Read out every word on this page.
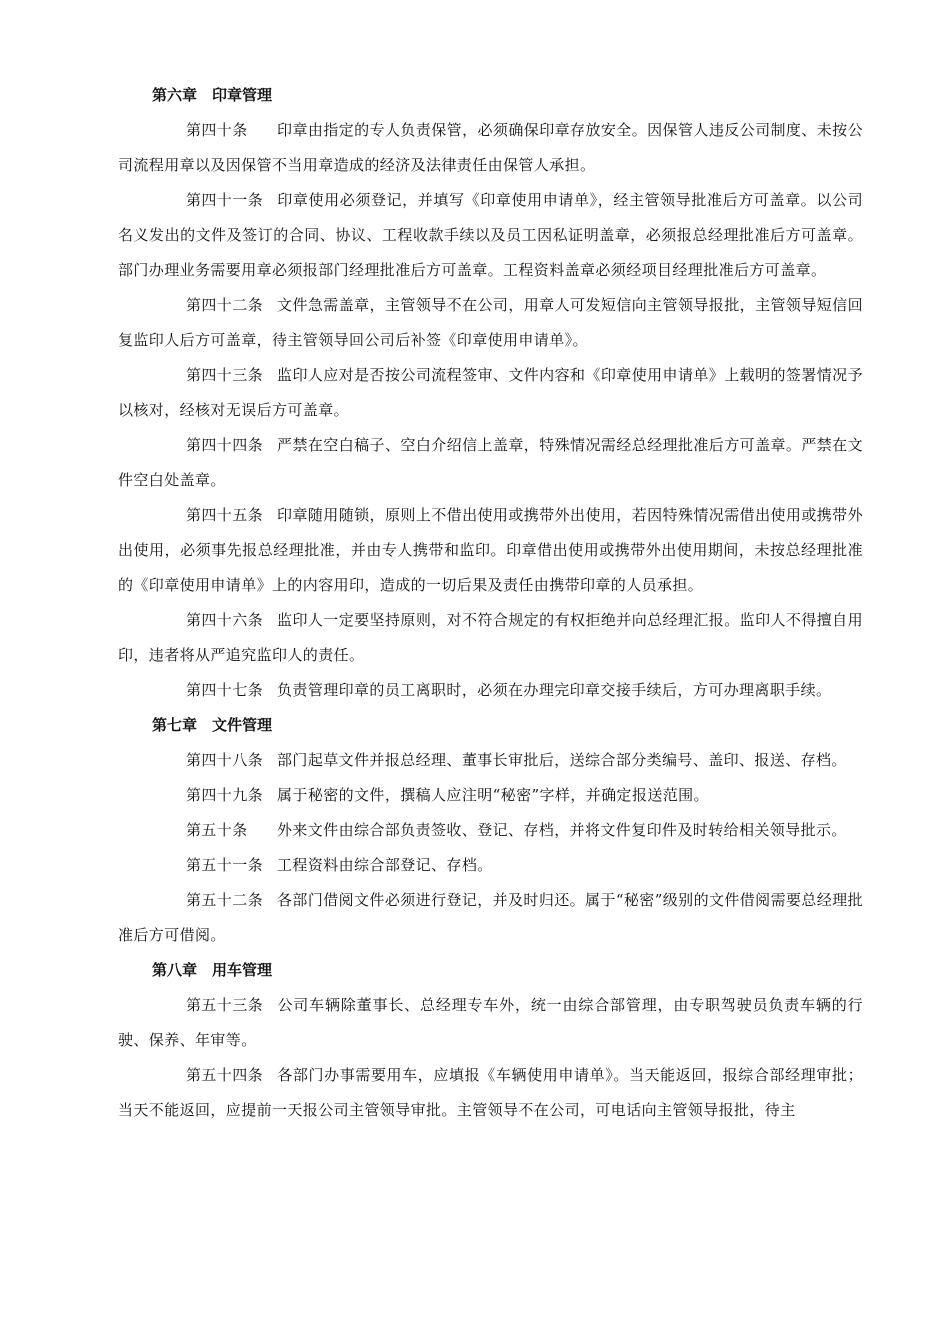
第六章　印章管理

第四十条　印章由指定的专人负责保管，必须确保印章存放安全。因保管人违反公司制度、未按公司流程用章以及因保管不当用章造成的经济及法律责任由保管人承担。

第四十一条 印章使用必须登记，并填写《印章使用申请单》，经主管领导批准后方可盖章。以公司名义发出的文件及签订的合同、协议、工程收款手续以及员工因私证明盖章，必须报总经理批准后方可盖章。部门办理业务需要用章必须报部门经理批准后方可盖章。工程资料盖章必须经项目经理批准后方可盖章。

第四十二条 文件急需盖章，主管领导不在公司，用章人可发短信向主管领导报批，主管领导短信回复监印人后方可盖章，待主管领导回公司后补签《印章使用申请单》。

第四十三条 监印人应对是否按公司流程签审、文件内容和《印章使用申请单》上载明的签署情况予以核对，经核对无误后方可盖章。

第四十四条 严禁在空白稿子、空白介绍信上盖章，特殊情况需经总经理批准后方可盖章。严禁在文件空白处盖章。

第四十五条 印章随用随锁，原则上不借出使用或携带外出使用，若因特殊情况需借出使用或携带外出使用，必须事先报总经理批准，并由专人携带和监印。印章借出使用或携带外出使用期间，未按总经理批准的《印章使用申请单》上的内容用印，造成的一切后果及责任由携带印章的人员承担。

第四十六条 监印人一定要坚持原则，对不符合规定的有权拒绝并向总经理汇报。监印人不得擅自用印，违者将从严追究监印人的责任。

第四十七条 负责管理印章的员工离职时，必须在办理完印章交接手续后，方可办理离职手续。

第七章　文件管理

第四十八条 部门起草文件并报总经理、董事长审批后，送综合部分类编号、盖印、报送、存档。

第四十九条 属于秘密的文件，撰稿人应注明“秘密”字样，并确定报送范围。

第五十条　外来文件由综合部负责签收、登记、存档，并将文件复印件及时转给相关领导批示。

第五十一条 工程资料由综合部登记、存档。

第五十二条 各部门借阅文件必须进行登记，并及时归还。属于“秘密”级别的文件借阅需要总经理批准后方可借阅。

第八章　用车管理

第五十三条 公司车辆除董事长、总经理专车外，统一由综合部管理，由专职驾驶员负责车辆的行驶、保养、年审等。

第五十四条 各部门办事需要用车，应填报《车辆使用申请单》。当天能返回，报综合部经理审批；当天不能返回，应提前一天报公司主管领导审批。主管领导不在公司，可电话向主管领导报批，待主
